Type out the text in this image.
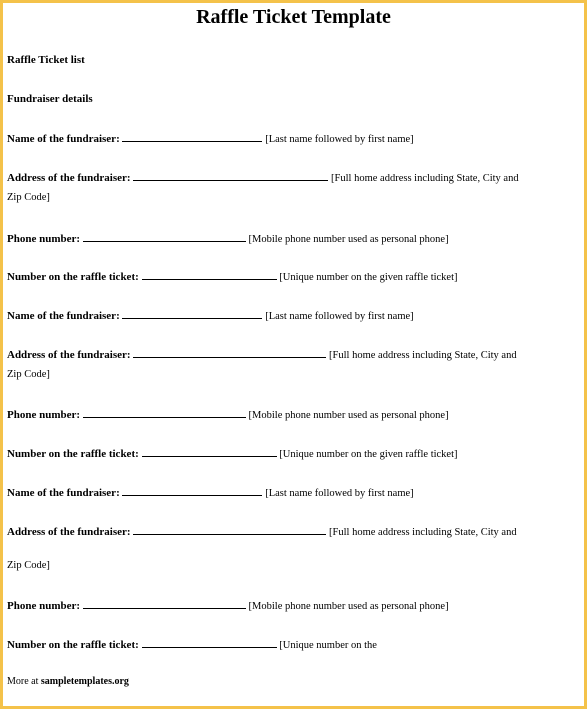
Raffle Ticket Template
Raffle Ticket list
Fundraiser details
Name of the fundraiser:	[Last name followed by first name]
Address of the fundraiser:	[Full home address including State, City and
Zip Code]
Phone number:	[Mobile phone number used as personal phone]
Number on the raffle ticket:	[Unique number on the given raffle ticket]
Name of the fundraiser:	[Last name followed by first name]
Address of the fundraiser:	[Full home address including State, City and
Zip Code]
Phone number:	[Mobile phone number used as personal phone]
Number on the raffle ticket:	[Unique number on the given raffle ticket]
Name of the fundraiser:	[Last name followed by first name]
Address of the fundraiser:	[Full home address including State, City and
Zip Code]
Phone number:	[Mobile phone number used as personal phone]
Number on the raffle ticket:	[Unique number on the
More at sampletemplates.org
